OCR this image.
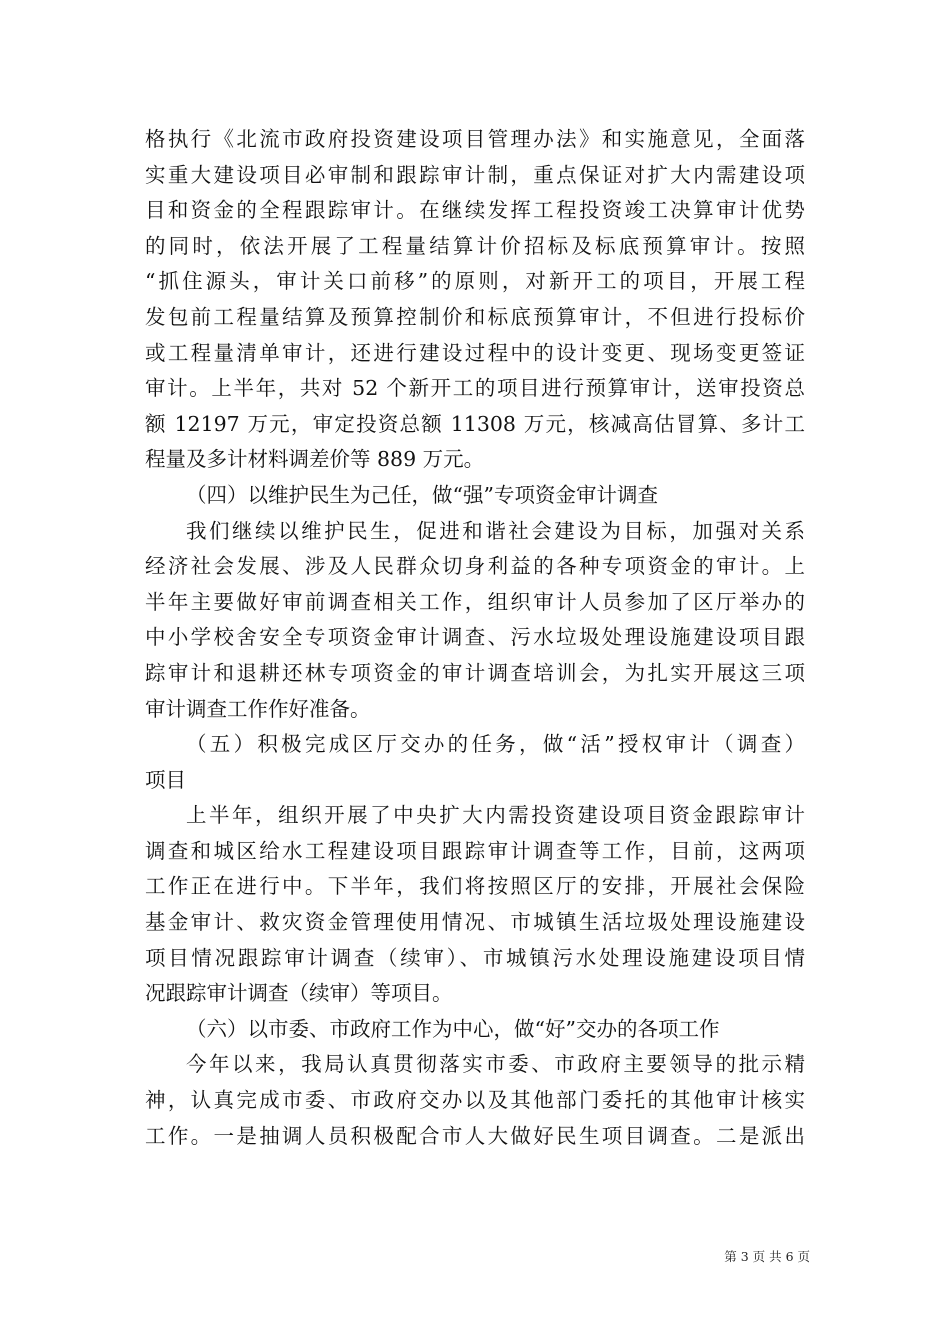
格执行《北流市政府投资建设项目管理办法》和实施意见，全面落
实重大建设项目必审制和跟踪审计制，重点保证对扩大内需建设项
目和资金的全程跟踪审计。在继续发挥工程投资竣工决算审计优势
的同时，依法开展了工程量结算计价招标及标底预算审计。按照
“抓住源头，审计关口前移”的原则，对新开工的项目，开展工程
发包前工程量结算及预算控制价和标底预算审计，不但进行投标价
或工程量清单审计，还进行建设过程中的设计变更、现场变更签证
审计。上半年，共对 52 个新开工的项目进行预算审计，送审投资总
额 12197 万元，审定投资总额 11308 万元，核减高估冒算、多计工
程量及多计材料调差价等 889 万元。

（四）以维护民生为己任，做“强”专项资金审计调查

我们继续以维护民生，促进和谐社会建设为目标，加强对关系
经济社会发展、涉及人民群众切身利益的各种专项资金的审计。上
半年主要做好审前调查相关工作，组织审计人员参加了区厅举办的
中小学校舍安全专项资金审计调查、污水垃圾处理设施建设项目跟
踪审计和退耕还林专项资金的审计调查培训会，为扎实开展这三项
审计调查工作作好准备。

（五）积极完成区厅交办的任务，做“活”授权审计（调查）
项目

上半年，组织开展了中央扩大内需投资建设项目资金跟踪审计
调查和城区给水工程建设项目跟踪审计调查等工作，目前，这两项
工作正在进行中。下半年，我们将按照区厅的安排，开展社会保险
基金审计、救灾资金管理使用情况、市城镇生活垃圾处理设施建设
项目情况跟踪审计调查（续审）、市城镇污水处理设施建设项目情
况跟踪审计调查（续审）等项目。

（六）以市委、市政府工作为中心，做“好”交办的各项工作

今年以来，我局认真贯彻落实市委、市政府主要领导的批示精
神，认真完成市委、市政府交办以及其他部门委托的其他审计核实
工作。一是抽调人员积极配合市人大做好民生项目调查。二是派出

第 3 页 共 6 页
